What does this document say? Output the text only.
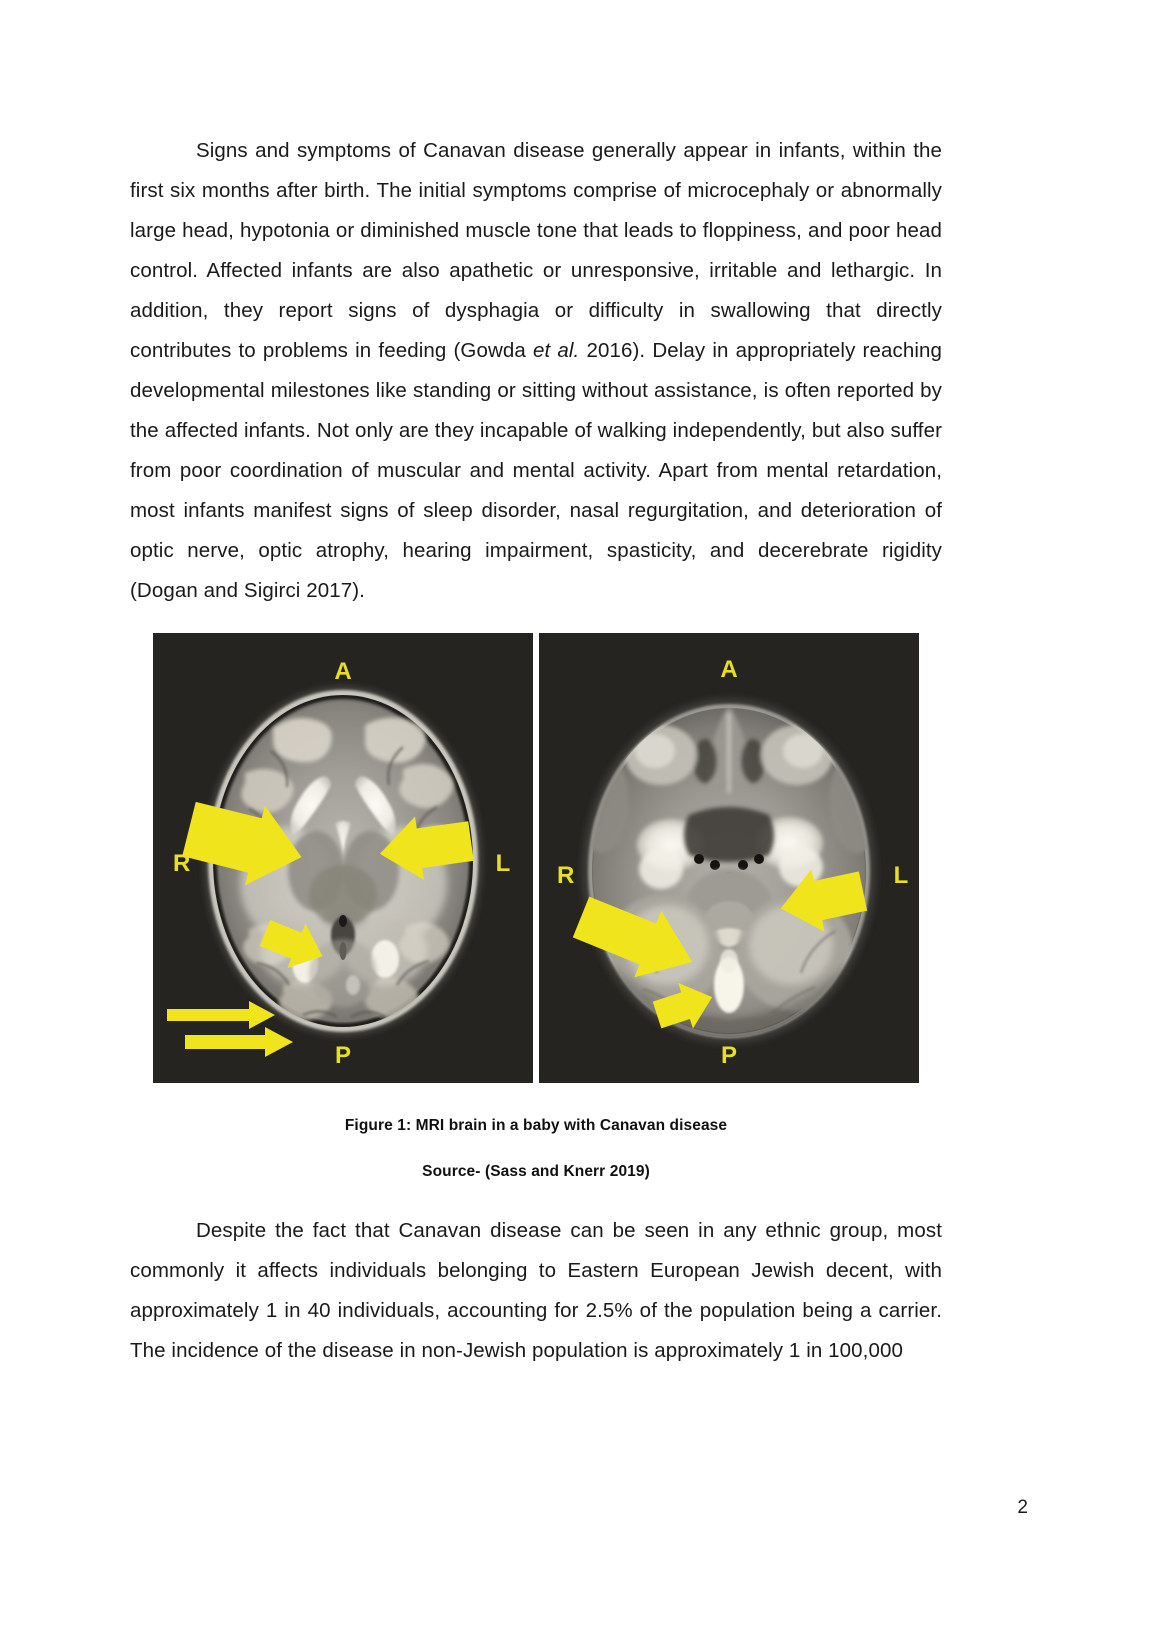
Signs and symptoms of Canavan disease generally appear in infants, within the first six months after birth. The initial symptoms comprise of microcephaly or abnormally large head, hypotonia or diminished muscle tone that leads to floppiness, and poor head control. Affected infants are also apathetic or unresponsive, irritable and lethargic. In addition, they report signs of dysphagia or difficulty in swallowing that directly contributes to problems in feeding (Gowda et al. 2016). Delay in appropriately reaching developmental milestones like standing or sitting without assistance, is often reported by the affected infants. Not only are they incapable of walking independently, but also suffer from poor coordination of muscular and mental activity. Apart from mental retardation, most infants manifest signs of sleep disorder, nasal regurgitation, and deterioration of optic nerve, optic atrophy, hearing impairment, spasticity, and decerebrate rigidity (Dogan and Sigirci 2017).

A
P
R	L
A
P
R	L
Figure 1: MRI brain in a baby with Canavan disease
Source- (Sass and Knerr 2019)

Despite the fact that Canavan disease can be seen in any ethnic group, most commonly it affects individuals belonging to Eastern European Jewish decent, with approximately 1 in 40 individuals, accounting for 2.5% of the population being a carrier. The incidence of the disease in non-Jewish population is approximately 1 in 100,000

2
